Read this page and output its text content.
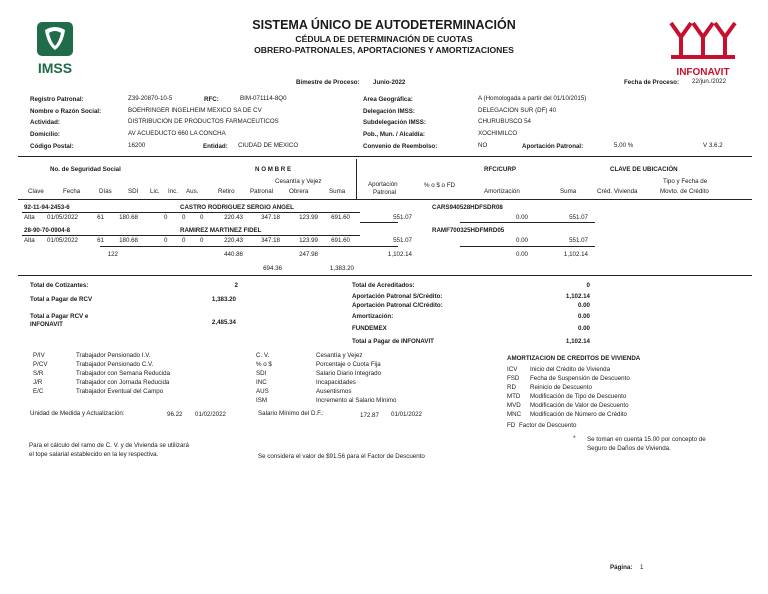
IMSS	INFONAVIT
SISTEMA ÚNICO DE AUTODETERMINACIÓN
CÉDULA DE DETERMINACIÓN DE CUOTAS
OBRERO-PATRONALES, APORTACIONES Y AMORTIZACIONES
Bimestre de Proceso: Junio-2022	Fecha de Proceso: 22/jun./2022
Registro Patronal:	Z39-20870-10-5	RFC:	BIM-071114-8Q0
Nombre o Razón Social:	BOEHRINGER INGELHEIM MEXICO SA DE CV
Actividad:	DISTRIBUCION DE PRODUCTOS FARMACEUTICOS
Domicilio:	AV ACUEDUCTO 660 LA CONCHA
Código Postal:	16200	Entidad: CIUDAD DE MEXICO
Area Geográfica:	A (Homologada a partir del 01/10/2015)
Delegación IMSS:	DELEGACION SUR (DF) 40
Subdelegación IMSS:	CHURUBUSCO 54
Pob., Mun. / Alcaldía:	XOCHIMILCO
Convenio de Reembolso:	NO	Aportación Patronal:	5.00 %	V 3.6.2
No. de Seguridad Social	N O M B R E	RFC/CURP	CLAVE DE UBICACIÓN
Cesantía y Vejez	Aportación
Patronal
% o $ o FD
Tipo y Fecha de
Movto. de Crédito
Clave	Fecha	Días	SDI Lic. Inc. Aus.	Retiro Patronal	Obrera	Suma	Amortización	Suma	Créd. Vivienda
92-11-94-2453-6	CASTRO RODRIGUEZ SERGIO ANGEL	CARS940528HDFSDR08
Alta 01/05/2022	61	180.68	0 0 0	220.43	347.18	123.99	691.60	551.07	0.00	551.07
28-90-70-0904-8	RAMIREZ MARTINEZ FIDEL	RAMF700325HDFMRD05
Alta 01/05/2022	61	180.68	0 0 0	220.43	347.18	123.99	691.60	551.07	0.00	551.07
122	440.86	247.98	1,102.14	0.00	1,102.14
694.36	1,383.20
Total de Cotizantes:	2
Total a Pagar de RCV	1,383.20
Total a Pagar RCV e
INFONAVIT	2,485.34
Total de Acreditados:	0
Aportación Patronal S/Crédito:	1,102.14
Aportación Patronal C/Crédito:	0.00
Amortización:	0.00
FUNDEMEX	0.00
Total a Pagar de INFONAVIT	1,102.14
P/IV	Trabajador Pensionado I.V.
P/CV	Trabajador Pensionado C.V.
S/R	Trabajador con Semana Reducida
J/R	Trabajador con Jornada Reducida
E/C	Trabajador Eventual del Campo
C. V.	Cesantía y Vejez
% o $	Porcentaje o Cuota Fija
SDI	Salario Diario Integrado
INC	Incapacidades
AUS	Ausentismos
ISM	Incremento al Salario Mínimo
AMORTIZACION DE CREDITOS DE VIVIENDA
ICV Inicio del Crédito de Vivienda
FSD Fecha de Suspensión de Descuento
RD Reinicio de Descuento
MTD Modificación de Tipo de Descuento
MVD Modificación de Valor de Descuento
MNC Modificación de Número de Crédito
FD Factor de Descuento
Unidad de Medida y Actualización:	96.22 01/02/2022	Salario Mínimo del D.F.:	172.87 01/01/2022
Para el cálculo del ramo de C. V. y de Vivienda se utilizará
el tope salarial establecido en la ley respectiva.	Se considera el valor de $91.56 para el Factor de Descuento
* Se toman en cuenta 15.00 por concepto de
Seguro de Daños de Vivienda.
Página: 1
